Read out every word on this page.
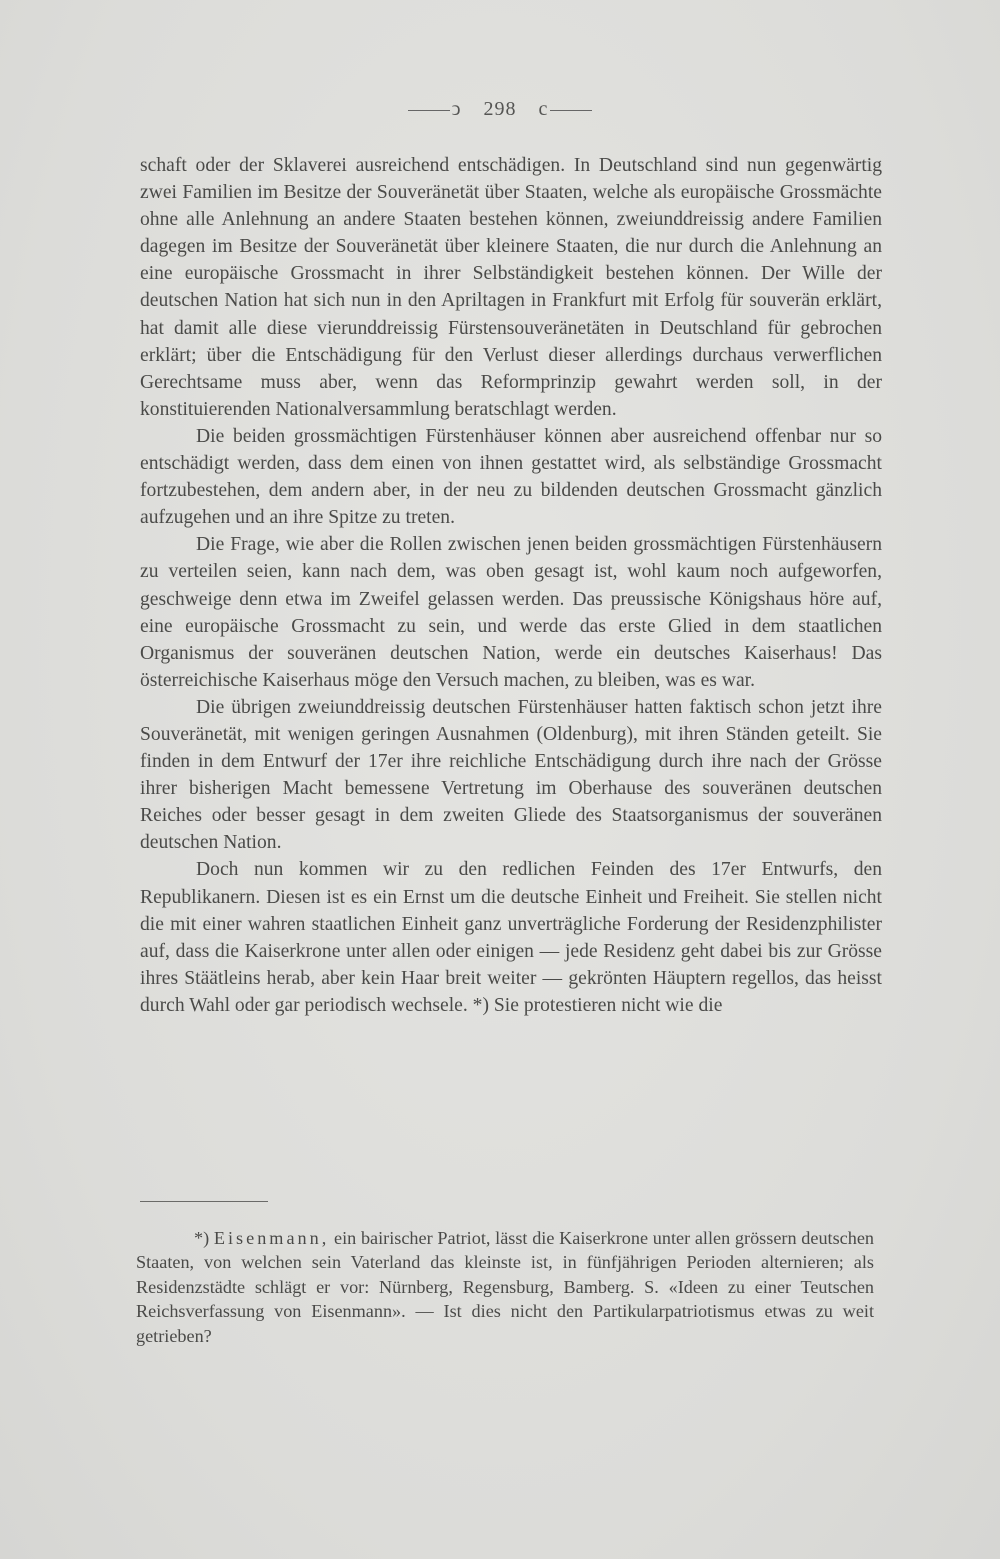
ↄ 298 c

schaft oder der Sklaverei ausreichend entschädigen. In Deutschland sind nun gegenwärtig zwei Familien im Besitze der Souveränetät über Staaten, welche als europäische Grossmächte ohne alle Anlehnung an andere Staaten bestehen können, zweiunddreissig andere Familien dagegen im Besitze der Souveränetät über kleinere Staaten, die nur durch die Anlehnung an eine europäische Grossmacht in ihrer Selbständigkeit bestehen können. Der Wille der deutschen Nation hat sich nun in den Apriltagen in Frankfurt mit Erfolg für souverän erklärt, hat damit alle diese vierunddreissig Fürstensouveränetäten in Deutschland für gebrochen erklärt; über die Entschädigung für den Verlust dieser allerdings durchaus verwerflichen Gerechtsame muss aber, wenn das Reformprinzip gewahrt werden soll, in der konstituierenden Nationalversammlung beratschlagt werden.

Die beiden grossmächtigen Fürstenhäuser können aber ausreichend offenbar nur so entschädigt werden, dass dem einen von ihnen gestattet wird, als selbständige Grossmacht fortzubestehen, dem andern aber, in der neu zu bildenden deutschen Grossmacht gänzlich aufzugehen und an ihre Spitze zu treten.

Die Frage, wie aber die Rollen zwischen jenen beiden grossmächtigen Fürstenhäusern zu verteilen seien, kann nach dem, was oben gesagt ist, wohl kaum noch aufgeworfen, geschweige denn etwa im Zweifel gelassen werden. Das preussische Königshaus höre auf, eine europäische Grossmacht zu sein, und werde das erste Glied in dem staatlichen Organismus der souveränen deutschen Nation, werde ein deutsches Kaiserhaus! Das österreichische Kaiserhaus möge den Versuch machen, zu bleiben, was es war.

Die übrigen zweiunddreissig deutschen Fürstenhäuser hatten faktisch schon jetzt ihre Souveränetät, mit wenigen geringen Ausnahmen (Oldenburg), mit ihren Ständen geteilt. Sie finden in dem Entwurf der 17er ihre reichliche Entschädigung durch ihre nach der Grösse ihrer bisherigen Macht bemessene Vertretung im Oberhause des souveränen deutschen Reiches oder besser gesagt in dem zweiten Gliede des Staatsorganismus der souveränen deutschen Nation.

Doch nun kommen wir zu den redlichen Feinden des 17er Entwurfs, den Republikanern. Diesen ist es ein Ernst um die deutsche Einheit und Freiheit. Sie stellen nicht die mit einer wahren staatlichen Einheit ganz unverträgliche Forderung der Residenzphilister auf, dass die Kaiserkrone unter allen oder einigen — jede Residenz geht dabei bis zur Grösse ihres Stäätleins herab, aber kein Haar breit weiter — gekrönten Häuptern regellos, das heisst durch Wahl oder gar periodisch wechsele. *) Sie protestieren nicht wie die

*) Eisenmann, ein bairischer Patriot, lässt die Kaiserkrone unter allen grössern deutschen Staaten, von welchen sein Vaterland das kleinste ist, in fünfjährigen Perioden alternieren; als Residenzstädte schlägt er vor: Nürnberg, Regensburg, Bamberg. S. «Ideen zu einer Teutschen Reichsverfassung von Eisenmann». — Ist dies nicht den Partikularpatriotismus etwas zu weit getrieben?
